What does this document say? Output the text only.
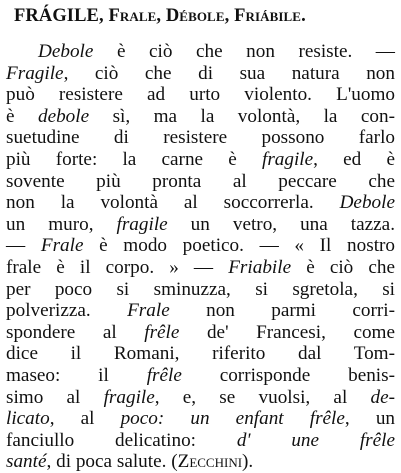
FRÁGILE, Frale, Débole, Friábile.
Debole è ciò che non resiste. —
Fragile, ciò che di sua natura non
può resistere ad urto violento. L'uomo
è debole sì, ma la volontà, la con-
suetudine di resistere possono farlo
più forte: la carne è fragile, ed è
sovente più pronta al peccare che
non la volontà al soccorrerla. Debole
un muro, fragile un vetro, una tazza.
— Frale è modo poetico. — « Il nostro
frale è il corpo. » — Friabile è ciò che
per poco si sminuzza, si sgretola, si
polverizza. Frale non parmi corri-
spondere al frêle de' Francesi, come
dice il Romani, riferito dal Tom-
maseo: il frêle corrisponde benis-
simo al fragile, e, se vuolsi, al de-
licato, al poco: un enfant frêle, un
fanciullo delicatino: d' une frêle
santé, di poca salute. (Zecchini).
